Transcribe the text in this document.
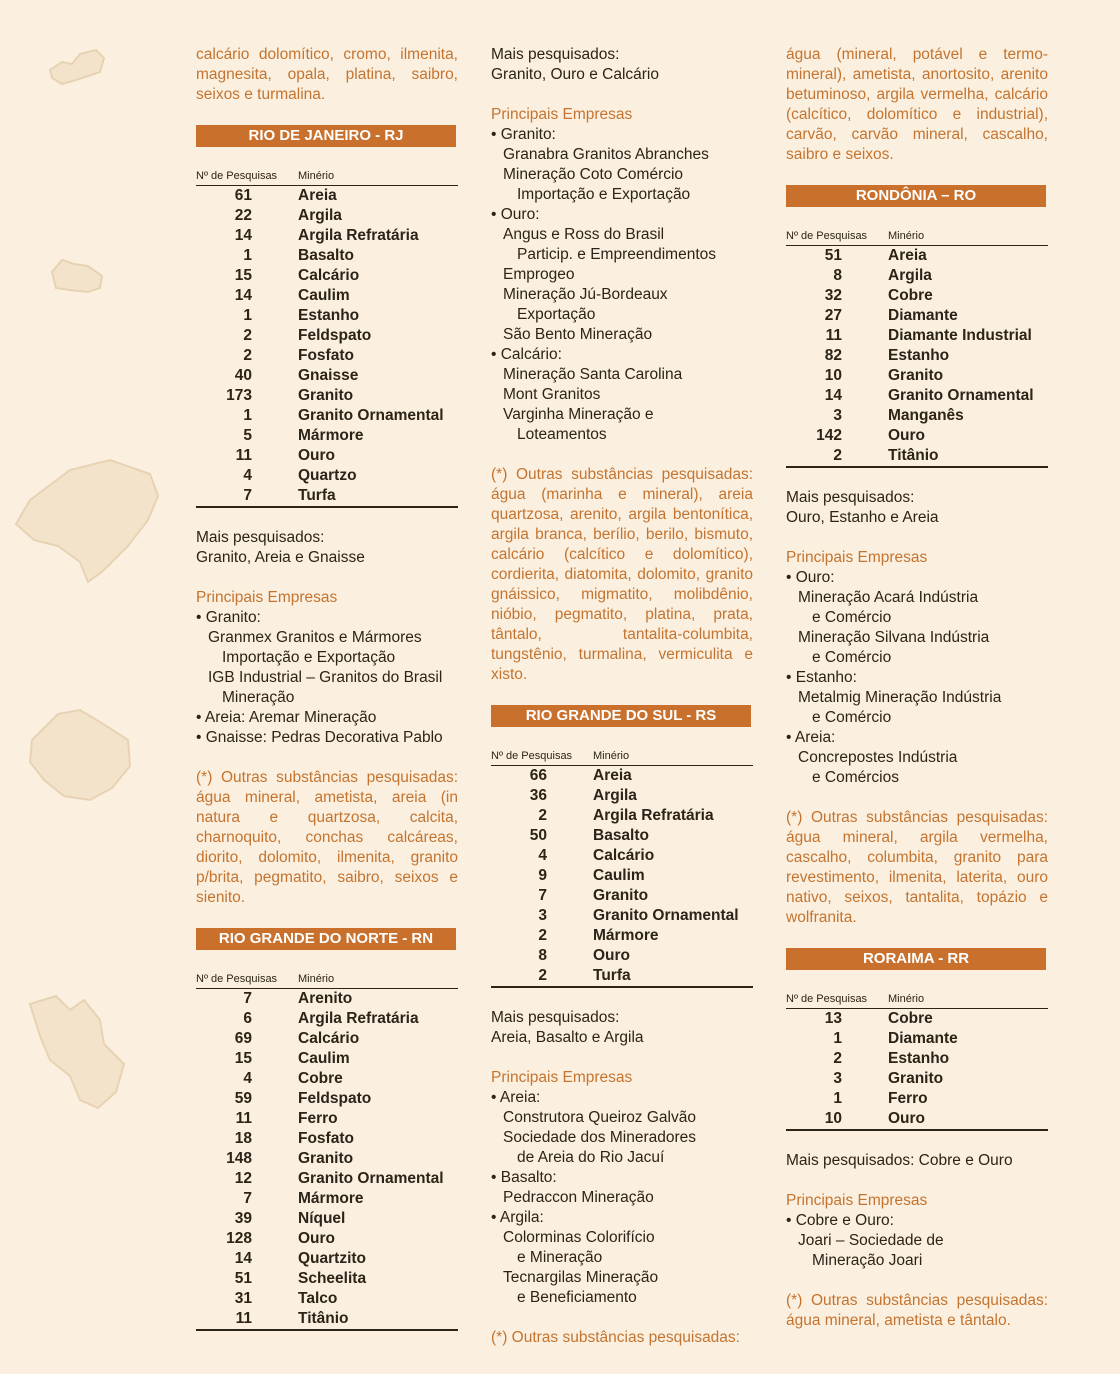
calcário dolomítico, cromo, ilmenita, magnesita, opala, platina, saibro, seixos e turmalina.
RIO DE JANEIRO - RJ
Nº de Pesquisas	Minério
61	Areia
22	Argila
14	Argila Refratária
1	Basalto
15	Calcário
14	Caulim
1	Estanho
2	Feldspato
2	Fosfato
40	Gnaisse
173	Granito
1	Granito Ornamental
5	Mármore
11	Ouro
4	Quartzo
7	Turfa
Mais pesquisados:
Granito, Areia e Gnaisse
Principais Empresas
• Granito:
Granmex Granitos e Mármores
Importação e Exportação
IGB Industrial – Granitos do Brasil
Mineração
• Areia: Aremar Mineração
• Gnaisse: Pedras Decorativa Pablo
(*) Outras substâncias pesquisadas: água mineral, ametista, areia (in natura e quartzosa, calcita, charnoquito, conchas calcáreas, diorito, dolomito, ilmenita, granito p/brita, pegmatito, saibro, seixos e sienito.
RIO GRANDE DO NORTE - RN
Nº de Pesquisas	Minério
7	Arenito
6	Argila Refratária
69	Calcário
15	Caulim
4	Cobre
59	Feldspato
11	Ferro
18	Fosfato
148	Granito
12	Granito Ornamental
7	Mármore
39	Níquel
128	Ouro
14	Quartzito
51	Scheelita
31	Talco
11	Titânio
Mais pesquisados:
Granito, Ouro e Calcário
Principais Empresas
• Granito:
Granabra Granitos Abranches
Mineração Coto Comércio
Importação e Exportação
• Ouro:
Angus e Ross do Brasil
Particip. e Empreendimentos
Emprogeo
Mineração Jú-Bordeaux
Exportação
São Bento Mineração
• Calcário:
Mineração Santa Carolina
Mont Granitos
Varginha Mineração e
Loteamentos
(*) Outras substâncias pesquisadas: água (marinha e mineral), areia quartzosa, arenito, argila bentonítica, argila branca, berílio, berilo, bismuto, calcário (calcítico e dolomítico), cordierita, diatomita, dolomito, granito gnáissico, migmatito, molibdênio, nióbio, pegmatito, platina, prata, tântalo, tantalita-columbita, tungstênio, turmalina, vermiculita e xisto.
RIO GRANDE DO SUL - RS
Nº de Pesquisas	Minério
66	Areia
36	Argila
2	Argila Refratária
50	Basalto
4	Calcário
9	Caulim
7	Granito
3	Granito Ornamental
2	Mármore
8	Ouro
2	Turfa
Mais pesquisados:
Areia, Basalto e Argila
Principais Empresas
• Areia:
Construtora Queiroz Galvão
Sociedade dos Mineradores
de Areia do Rio Jacuí
• Basalto:
Pedraccon Mineração
• Argila:
Colorminas Colorifício
e Mineração
Tecnargilas Mineração
e Beneficiamento
(*) Outras substâncias pesquisadas:
água (mineral, potável e termo-mineral), ametista, anortosito, arenito betuminoso, argila vermelha, calcário (calcítico, dolomítico e industrial), carvão, carvão mineral, cascalho, saibro e seixos.
RONDÔNIA – RO
Nº de Pesquisas	Minério
51	Areia
8	Argila
32	Cobre
27	Diamante
11	Diamante Industrial
82	Estanho
10	Granito
14	Granito Ornamental
3	Manganês
142	Ouro
2	Titânio
Mais pesquisados:
Ouro, Estanho e Areia
Principais Empresas
• Ouro:
Mineração Acará Indústria
e Comércio
Mineração Silvana Indústria
e Comércio
• Estanho:
Metalmig Mineração Indústria
e Comércio
• Areia:
Concrepostes Indústria
e Comércios
(*) Outras substâncias pesquisadas: água mineral, argila vermelha, cascalho, columbita, granito para revestimento, ilmenita, laterita, ouro nativo, seixos, tantalita, topázio e wolfranita.
RORAIMA - RR
Nº de Pesquisas	Minério
13	Cobre
1	Diamante
2	Estanho
3	Granito
1	Ferro
10	Ouro
Mais pesquisados: Cobre e Ouro
Principais Empresas
• Cobre e Ouro:
Joari – Sociedade de
Mineração Joari
(*) Outras substâncias pesquisadas: água mineral, ametista e tântalo.
